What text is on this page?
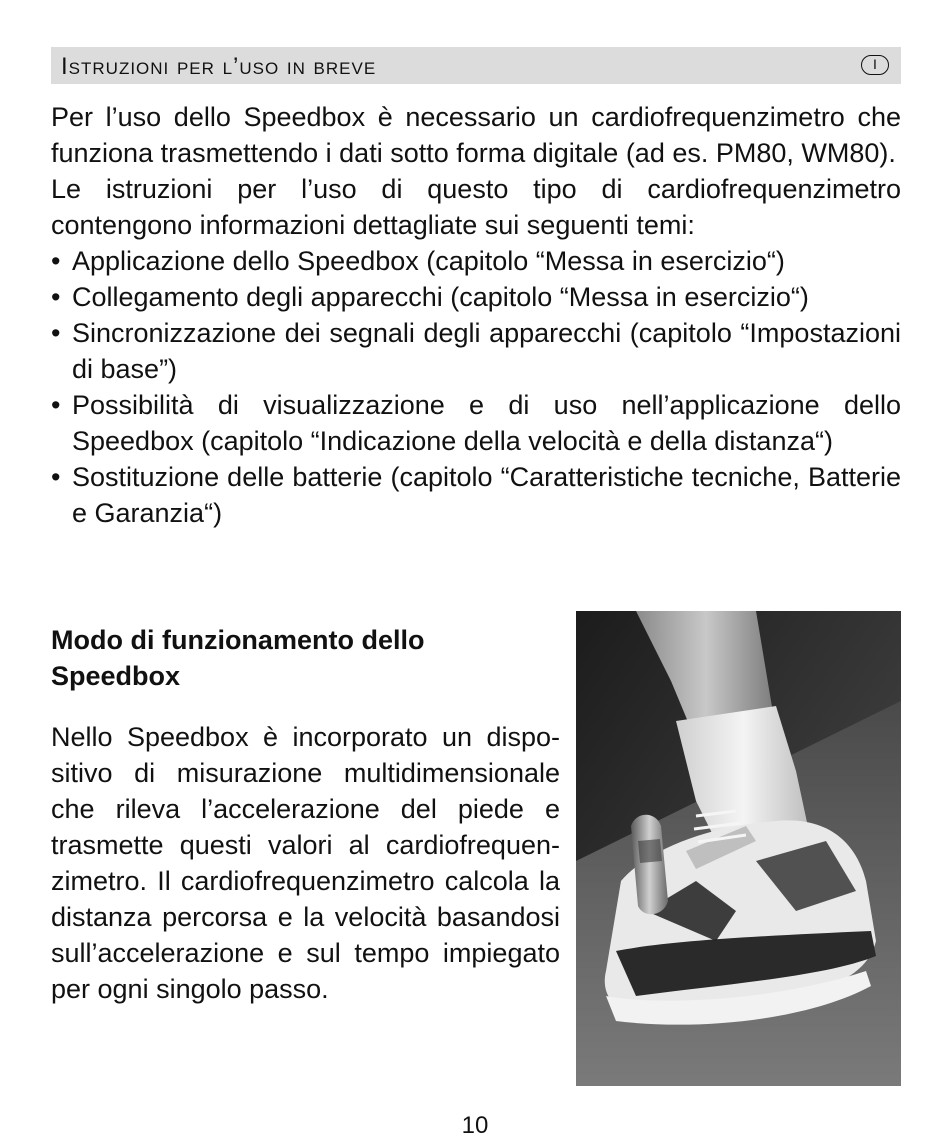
Istruzioni per l’uso in breve	I

Per l’uso dello Speedbox è necessario un cardiofrequenzimetro che funziona trasmettendo i dati sotto forma digitale (ad es. PM80, WM80).

Le istruzioni per l’uso di questo tipo di cardiofrequenzimetro contengono informazioni dettagliate sui seguenti temi:

• Applicazione dello Speedbox (capitolo “Messa in esercizio“)
• Collegamento degli apparecchi (capitolo “Messa in esercizio“)
• Sincronizzazione dei segnali degli apparecchi (capitolo “Impostazioni di base”)
• Possibilità di visualizzazione e di uso nell’applicazione dello Speedbox (capitolo “Indicazione della velocità e della distanza“)
• Sostituzione delle batterie (capitolo “Caratteristiche tecniche, Batterie e Garanzia“)
Modo di funzionamento dello Speedbox

Nello Speedbox è incorporato un dispositivo di misurazione multidimensionale che rileva l’accelerazione del piede e trasmette questi valori al cardiofrequenzimetro. Il cardiofrequenzimetro calcola la distanza percorsa e la velocità basandosi sull’accelerazione e sul tempo impiegato per ogni singolo passo.

10
